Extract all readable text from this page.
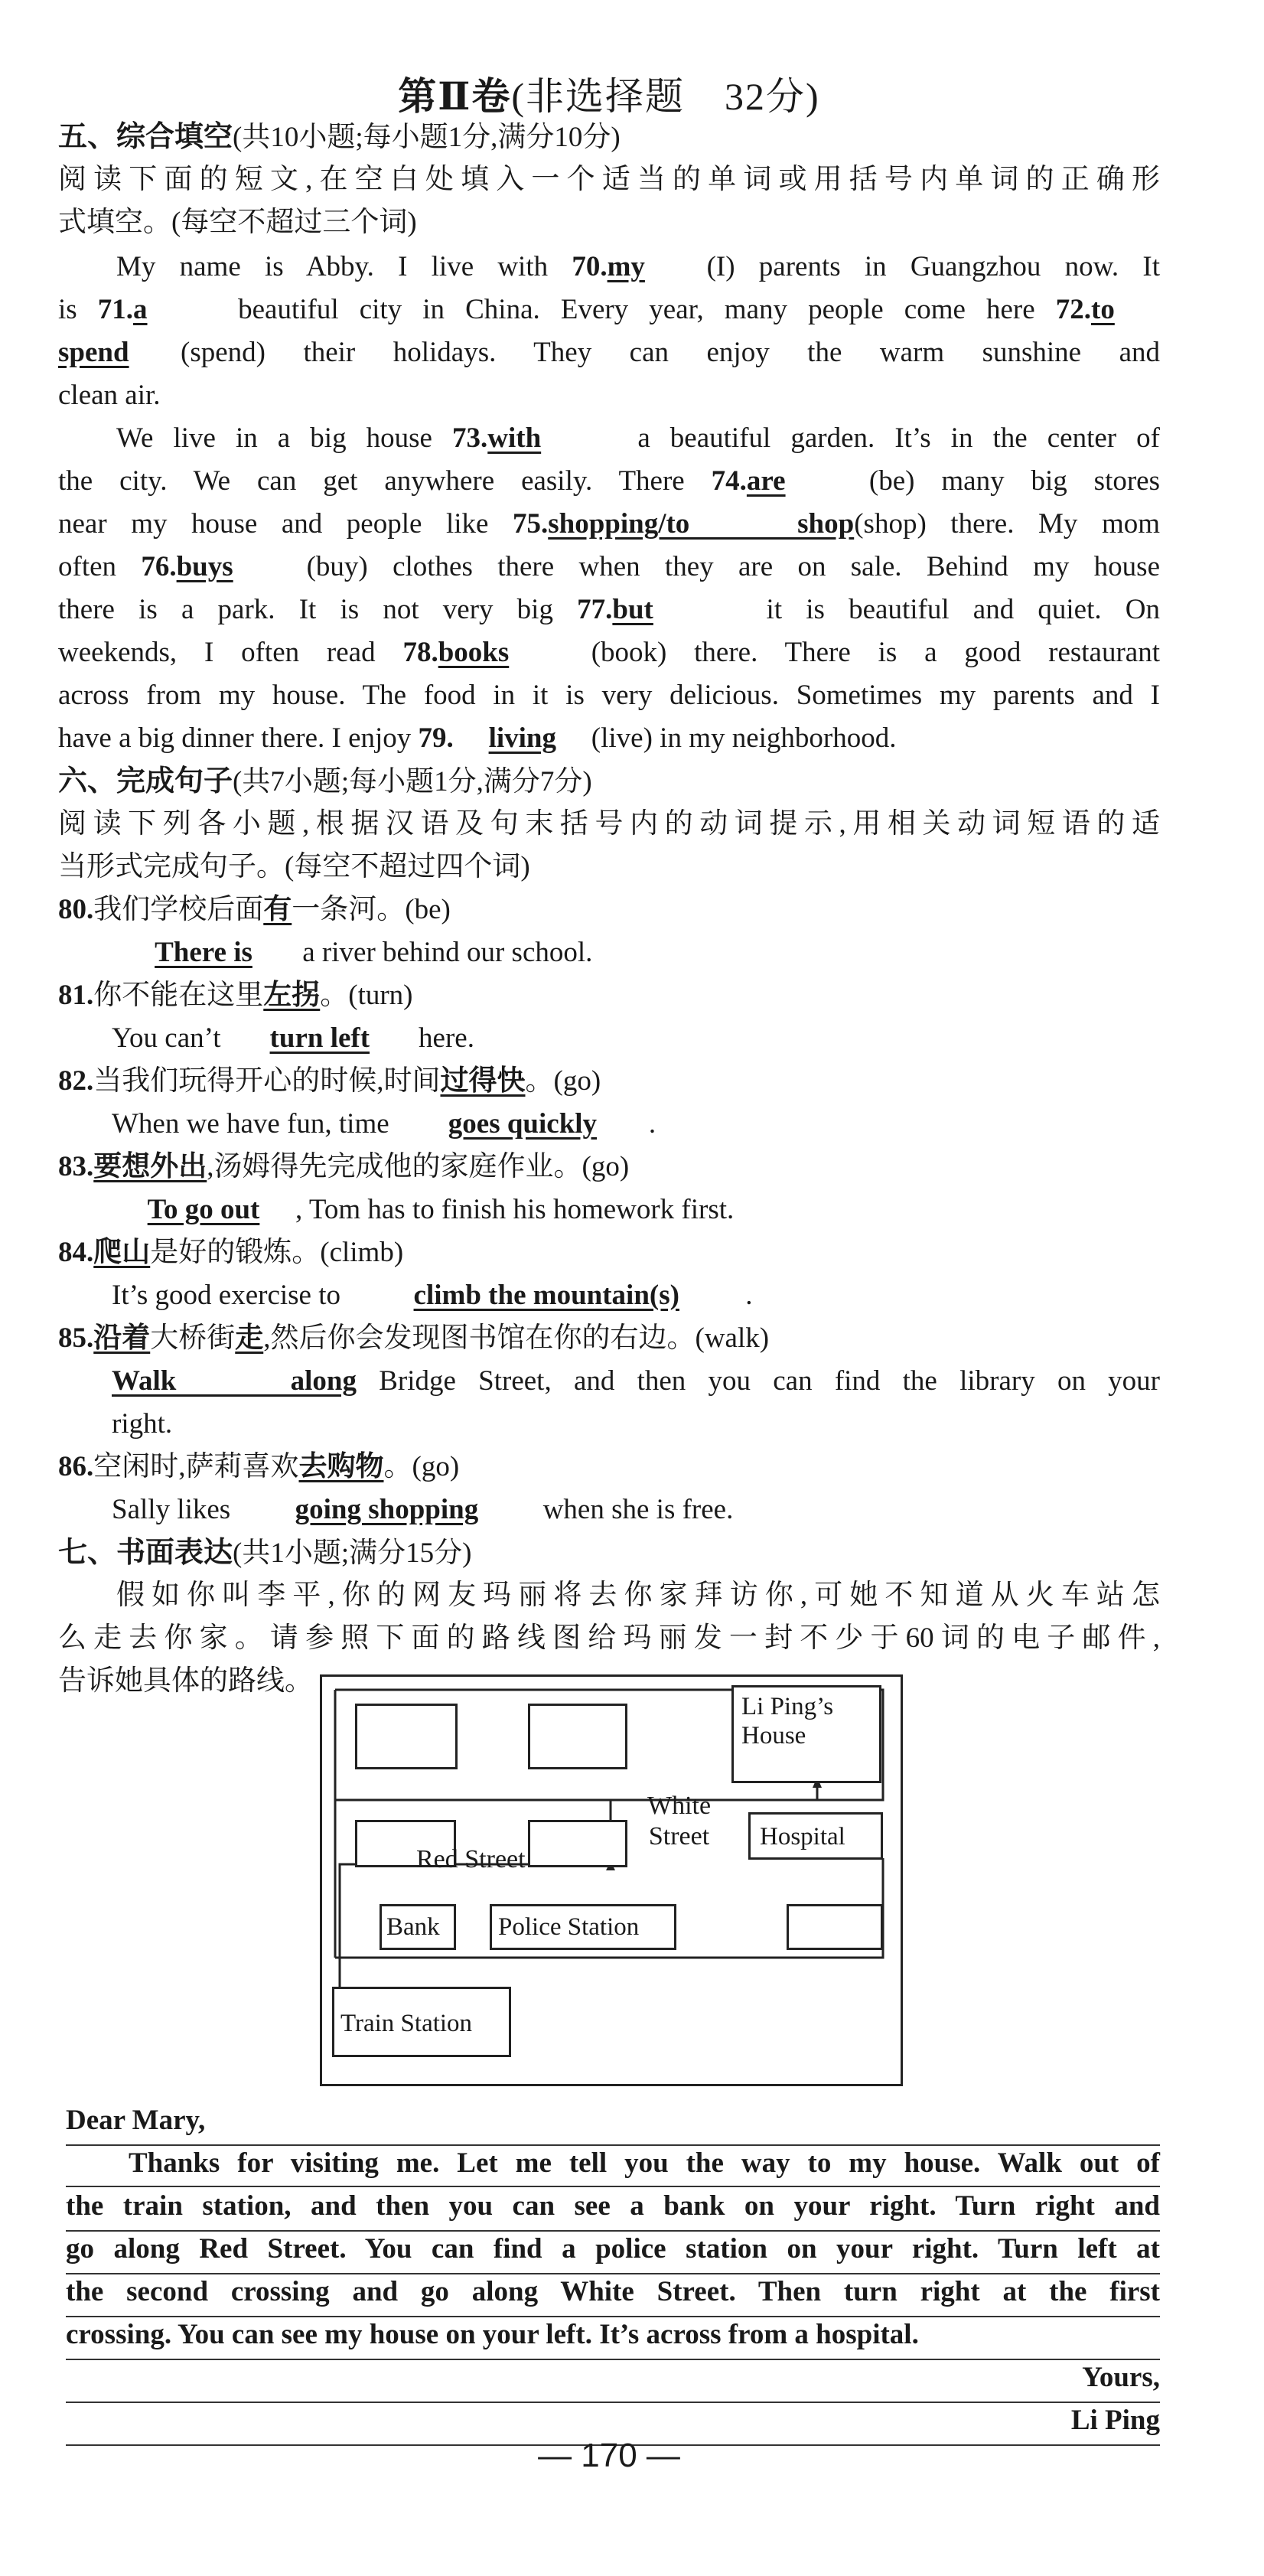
第Ⅱ卷(非选择题　32分)
五、综合填空(共10小题;每小题1分,满分10分)
阅读下面的短文,在空白处填入一个适当的单词或用括号内单词的正确形
式填空。(每空不超过三个词)
My name is Abby. I live with 70.my (I) parents in Guangzhou now. It
is 71.a beautiful city in China. Every year, many people come here 72.to
spend (spend) their holidays. They can enjoy the warm sunshine and
clean air.
We live in a big house 73.with	a beautiful garden. It’s in the center of
the city. We can get anywhere easily. There 74.are	(be) many big stores
near my house and people like 75.shopping/to shop(shop) there. My mom
often 76.buys	(buy) clothes there when they are on sale. Behind my house
there is a park. It is not very big 77.but	it is beautiful and quiet. On
weekends, I often read 78.books	(book) there. There is a good restaurant
across from my house. The food in it is very delicious. Sometimes my parents and I
have a big dinner there. I enjoy 79. living (live) in my neighborhood.
六、完成句子(共7小题;每小题1分,满分7分)
阅读下列各小题,根据汉语及句末括号内的动词提示,用相关动词短语的适
当形式完成句子。(每空不超过四个词)
80.我们学校后面有一条河。(be)
There is a river behind our school.
81.你不能在这里左拐。(turn)
You can’t turn left here.
82.当我们玩得开心的时候,时间过得快。(go)
When we have fun, time goes quickly .
83.要想外出,汤姆得先完成他的家庭作业。(go)
To go out , Tom has to finish his homework first.
84.爬山是好的锻炼。(climb)
It’s good exercise to climb the mountain(s) .
85.沿着大桥街走,然后你会发现图书馆在你的右边。(walk)
Walk along Bridge Street, and then you can find the library on your
right.
86.空闲时,萨莉喜欢去购物。(go)
Sally likes going shopping when she is free.
七、书面表达(共1小题;满分15分)
假如你叫李平,你的网友玛丽将去你家拜访你,可她不知道从火车站怎
么走去你家。请参照下面的路线图给玛丽发一封不少于60词的电子邮件,
告诉她具体的路线。
Li Ping’s
House
Hospital
White
Street
Red Street
Bank	Police Station
Train Station
Dear Mary,
Thanks for visiting me. Let me tell you the way to my house. Walk out of
the train station, and then you can see a bank on your right. Turn right and
go along Red Street. You can find a police station on your right. Turn left at
the second crossing and go along White Street. Then turn right at the first
crossing. You can see my house on your left. It’s across from a hospital.
Yours,
Li Ping
— 170 —
